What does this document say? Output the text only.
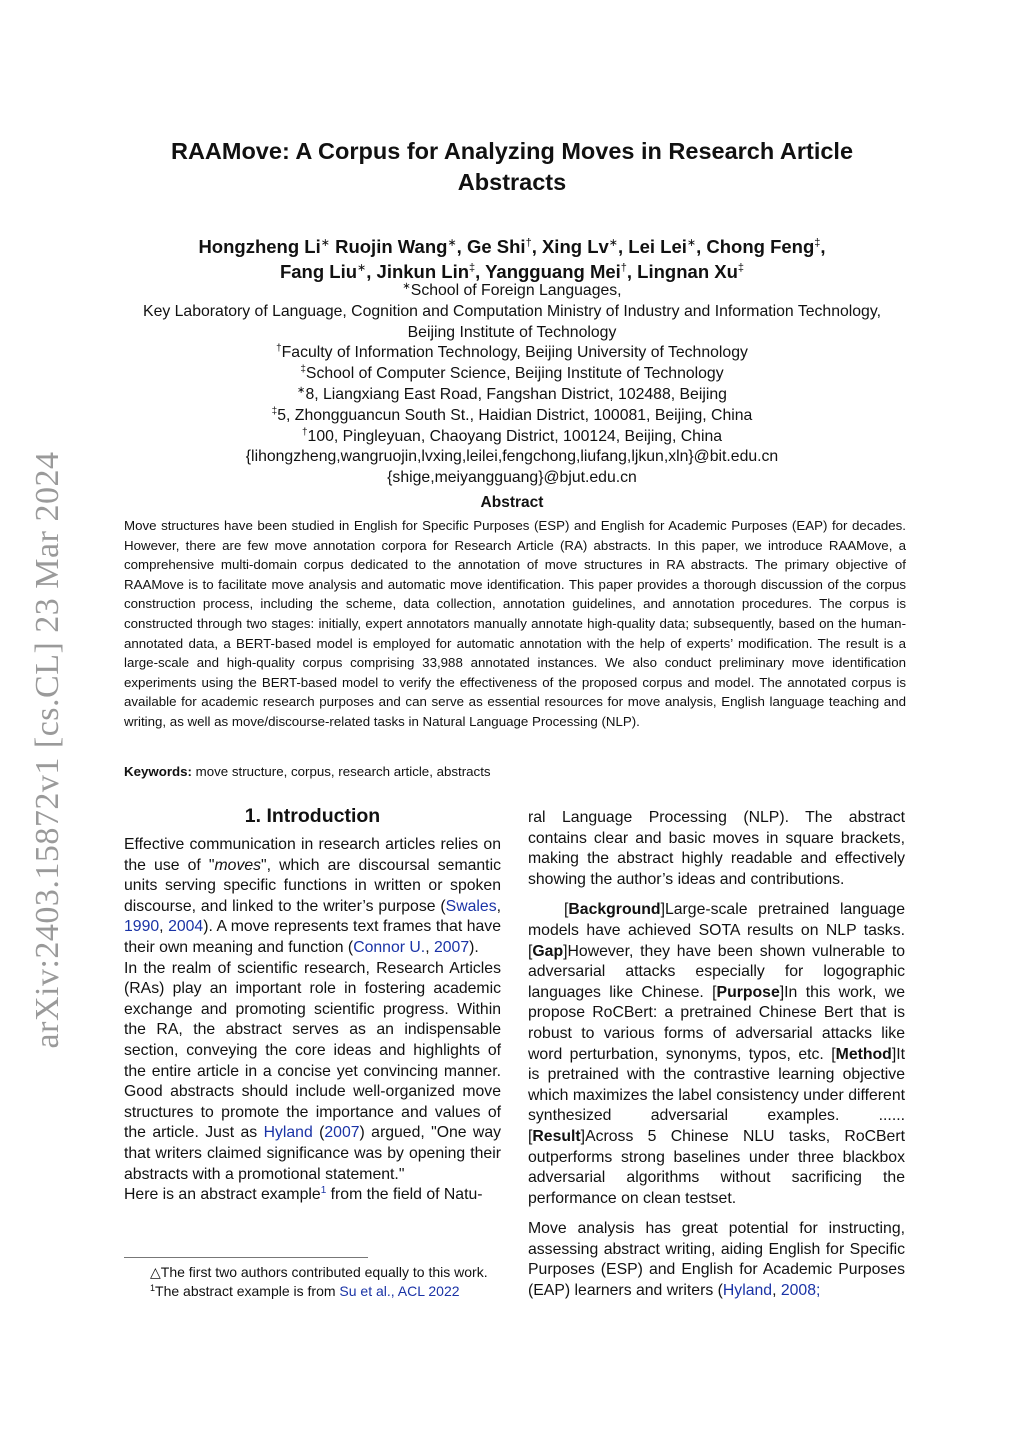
arXiv:2403.15872v1 [cs.CL] 23 Mar 2024
RAAMove: A Corpus for Analyzing Moves in Research Article
Abstracts
Hongzheng Li∗ Ruojin Wang∗, Ge Shi†, Xing Lv∗, Lei Lei∗, Chong Feng‡,
Fang Liu∗, Jinkun Lin‡, Yangguang Mei†, Lingnan Xu‡
∗School of Foreign Languages,
Key Laboratory of Language, Cognition and Computation Ministry of Industry and Information Technology,
Beijing Institute of Technology
†Faculty of Information Technology, Beijing University of Technology
‡School of Computer Science, Beijing Institute of Technology
∗8, Liangxiang East Road, Fangshan District, 102488, Beijing
‡5, Zhongguancun South St., Haidian District, 100081, Beijing, China
†100, Pingleyuan, Chaoyang District, 100124, Beijing, China
{lihongzheng,wangruojin,lvxing,leilei,fengchong,liufang,ljkun,xln}@bit.edu.cn
{shige,meiyangguang}@bjut.edu.cn
Abstract
Move structures have been studied in English for Specific Purposes (ESP) and English for Academic Purposes (EAP) for decades. However, there are few move annotation corpora for Research Article (RA) abstracts. In this paper, we introduce RAAMove, a comprehensive multi-domain corpus dedicated to the annotation of move structures in RA abstracts. The primary objective of RAAMove is to facilitate move analysis and automatic move identification. This paper provides a thorough discussion of the corpus construction process, including the scheme, data collection, annotation guidelines, and annotation procedures. The corpus is constructed through two stages: initially, expert annotators manually annotate high-quality data; subsequently, based on the human-annotated data, a BERT-based model is employed for automatic annotation with the help of experts’ modification. The result is a large-scale and high-quality corpus comprising 33,988 annotated instances. We also conduct preliminary move identification experiments using the BERT-based model to verify the effectiveness of the proposed corpus and model. The annotated corpus is available for academic research purposes and can serve as essential resources for move analysis, English language teaching and writing, as well as move/discourse-related tasks in Natural Language Processing (NLP).
Keywords: move structure, corpus, research article, abstracts
1. Introduction

Effective communication in research articles relies on the use of "moves", which are discoursal semantic units serving specific functions in written or spoken discourse, and linked to the writer’s purpose (Swales, 1990, 2004). A move represents text frames that have their own meaning and function (Connor U., 2007).

In the realm of scientific research, Research Articles (RAs) play an important role in fostering academic exchange and promoting scientific progress. Within the RA, the abstract serves as an indispensable section, conveying the core ideas and highlights of the entire article in a concise yet convincing manner. Good abstracts should include well-organized move structures to promote the importance and values of the article. Just as Hyland (2007) argued, "One way that writers claimed significance was by opening their abstracts with a promotional statement."

Here is an abstract example$^1$ from the field of Natu-

ral Language Processing (NLP). The abstract contains clear and basic moves in square brackets, making the abstract highly readable and effectively showing the author’s ideas and contributions.

[Background]Large-scale pretrained language models have achieved SOTA results on NLP tasks. [Gap]However, they have been shown vulnerable to adversarial attacks especially for logographic languages like Chinese. [Purpose]In this work, we propose RoCBert: a pretrained Chinese Bert that is robust to various forms of adversarial attacks like word perturbation, synonyms, typos, etc. [Method]It is pretrained with the contrastive learning objective which maximizes the label consistency under different synthesized adversarial examples. ...... [Result]Across 5 Chinese NLU tasks, RoCBert outperforms strong baselines under three blackbox adversarial algorithms without sacrificing the performance on clean testset.

Move analysis has great potential for instructing, assessing abstract writing, aiding English for Specific Purposes (ESP) and English for Academic Purposes (EAP) learners and writers (Hyland, 2008;

△The first two authors contributed equally to this work.
$^1$The abstract example is from Su et al., ACL 2022
